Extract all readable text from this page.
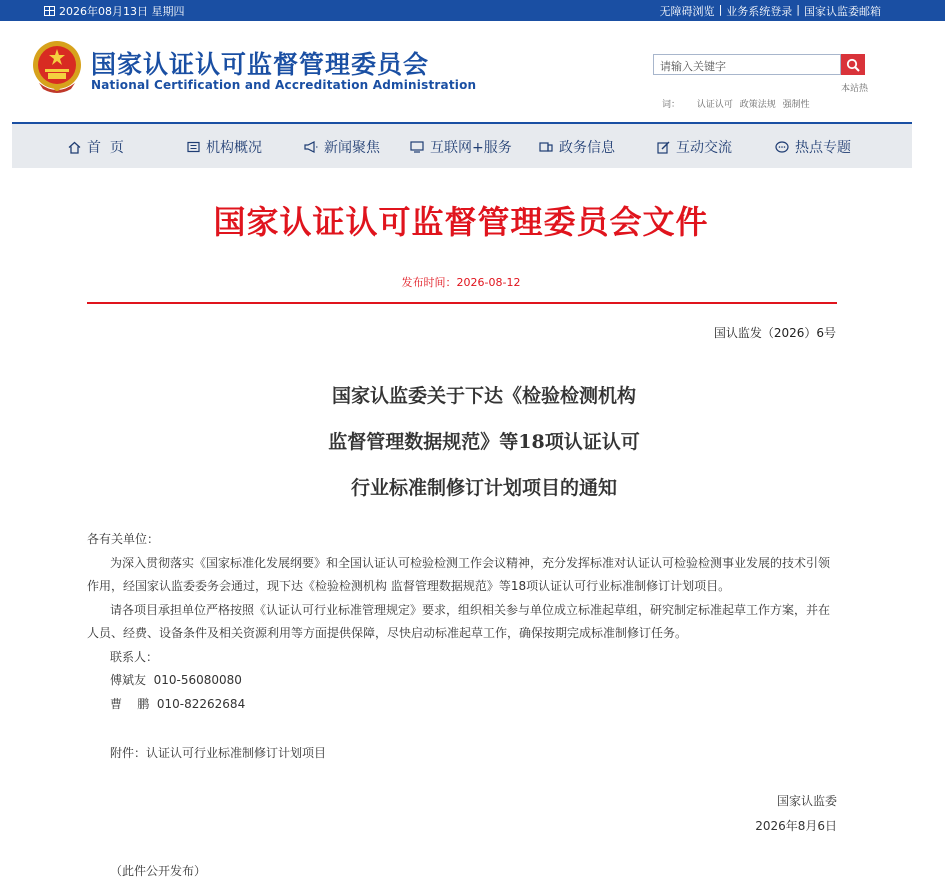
2026年08月13日 星期四	无障碍浏览 | 业务系统登录 | 国家认监委邮箱
国家认证认可监督管理委员会
National Certification and Accreditation Administration
请输入关键字
本站热
词： 认证认可 政策法规 强制性
首  页	机构概况	新闻聚焦	互联网+服务	政务信息	互动交流	热点专题
国家认证认可监督管理委员会文件
发布时间：2026-08-12
国认监发（2026）6号
国家认监委关于下达《检验检测机构
监督管理数据规范》等18项认证认可
行业标准制修订计划项目的通知

各有关单位：

为深入贯彻落实《国家标准化发展纲要》和全国认证认可检验检测工作会议精神，充分发挥标准对认证认可检验检测事业发展的技术引领作用，经国家认监委委务会通过，现下达《检验检测机构 监督管理数据规范》等18项认证认可行业标准制修订计划项目。

请各项目承担单位严格按照《认证认可行业标准管理规定》要求，组织相关参与单位成立标准起草组，研究制定标准起草工作方案，并在人员、经费、设备条件及相关资源利用等方面提供保障，尽快启动标准起草工作，确保按期完成标准制修订任务。

联系人：

傅斌友  010-56080080

曹    鹏  010-82262684

附件：认证认可行业标准制修订计划项目
国家认监委
2026年8月6日
（此件公开发布）
